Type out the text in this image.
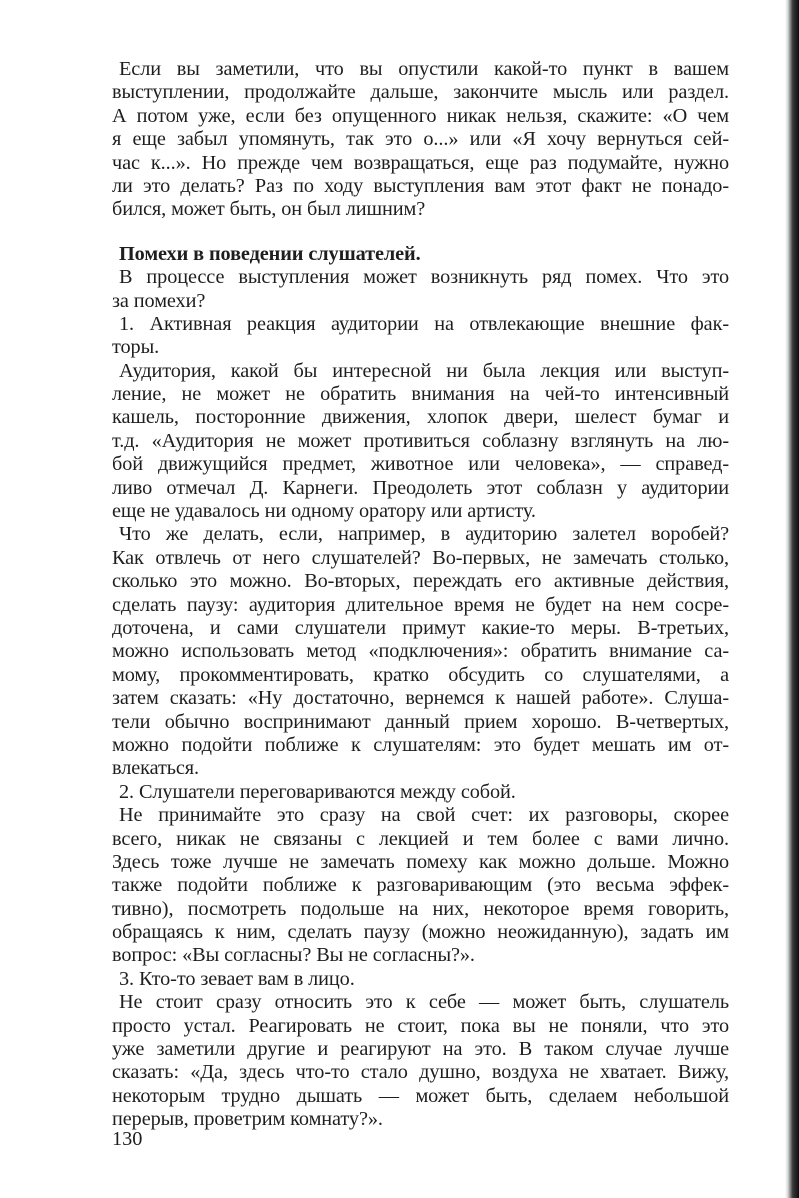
Если вы заметили, что вы опустили какой-то пункт в вашем
выступлении, продолжайте дальше, закончите мысль или раздел.
А потом уже, если без опущенного никак нельзя, скажите: «О чем
я еще забыл упомянуть, так это о...» или «Я хочу вернуться сей-
час к...». Но прежде чем возвращаться, еще раз подумайте, нужно
ли это делать? Раз по ходу выступления вам этот факт не понадо-
бился, может быть, он был лишним?
Помехи в поведении слушателей.
В процессе выступления может возникнуть ряд помех. Что это
за помехи?
1. Активная реакция аудитории на отвлекающие внешние фак-
торы.
Аудитория, какой бы интересной ни была лекция или выступ-
ление, не может не обратить внимания на чей-то интенсивный
кашель, посторонние движения, хлопок двери, шелест бумаг и
т.д. «Аудитория не может противиться соблазну взглянуть на лю-
бой движущийся предмет, животное или человека», — справед-
ливо отмечал Д. Карнеги. Преодолеть этот соблазн у аудитории
еще не удавалось ни одному оратору или артисту.
Что же делать, если, например, в аудиторию залетел воробей?
Как отвлечь от него слушателей? Во-первых, не замечать столько,
сколько это можно. Во-вторых, переждать его активные действия,
сделать паузу: аудитория длительное время не будет на нем сосре-
доточена, и сами слушатели примут какие-то меры. В-третьих,
можно использовать метод «подключения»: обратить внимание са-
мому, прокомментировать, кратко обсудить со слушателями, а
затем сказать: «Ну достаточно, вернемся к нашей работе». Слуша-
тели обычно воспринимают данный прием хорошо. В-четвертых,
можно подойти поближе к слушателям: это будет мешать им от-
влекаться.
2. Слушатели переговариваются между собой.
Не принимайте это сразу на свой счет: их разговоры, скорее
всего, никак не связаны с лекцией и тем более с вами лично.
Здесь тоже лучше не замечать помеху как можно дольше. Можно
также подойти поближе к разговаривающим (это весьма эффек-
тивно), посмотреть подольше на них, некоторое время говорить,
обращаясь к ним, сделать паузу (можно неожиданную), задать им
вопрос: «Вы согласны? Вы не согласны?».
3. Кто-то зевает вам в лицо.
Не стоит сразу относить это к себе — может быть, слушатель
просто устал. Реагировать не стоит, пока вы не поняли, что это
уже заметили другие и реагируют на это. В таком случае лучше
сказать: «Да, здесь что-то стало душно, воздуха не хватает. Вижу,
некоторым трудно дышать — может быть, сделаем небольшой
перерыв, проветрим комнату?».
130
